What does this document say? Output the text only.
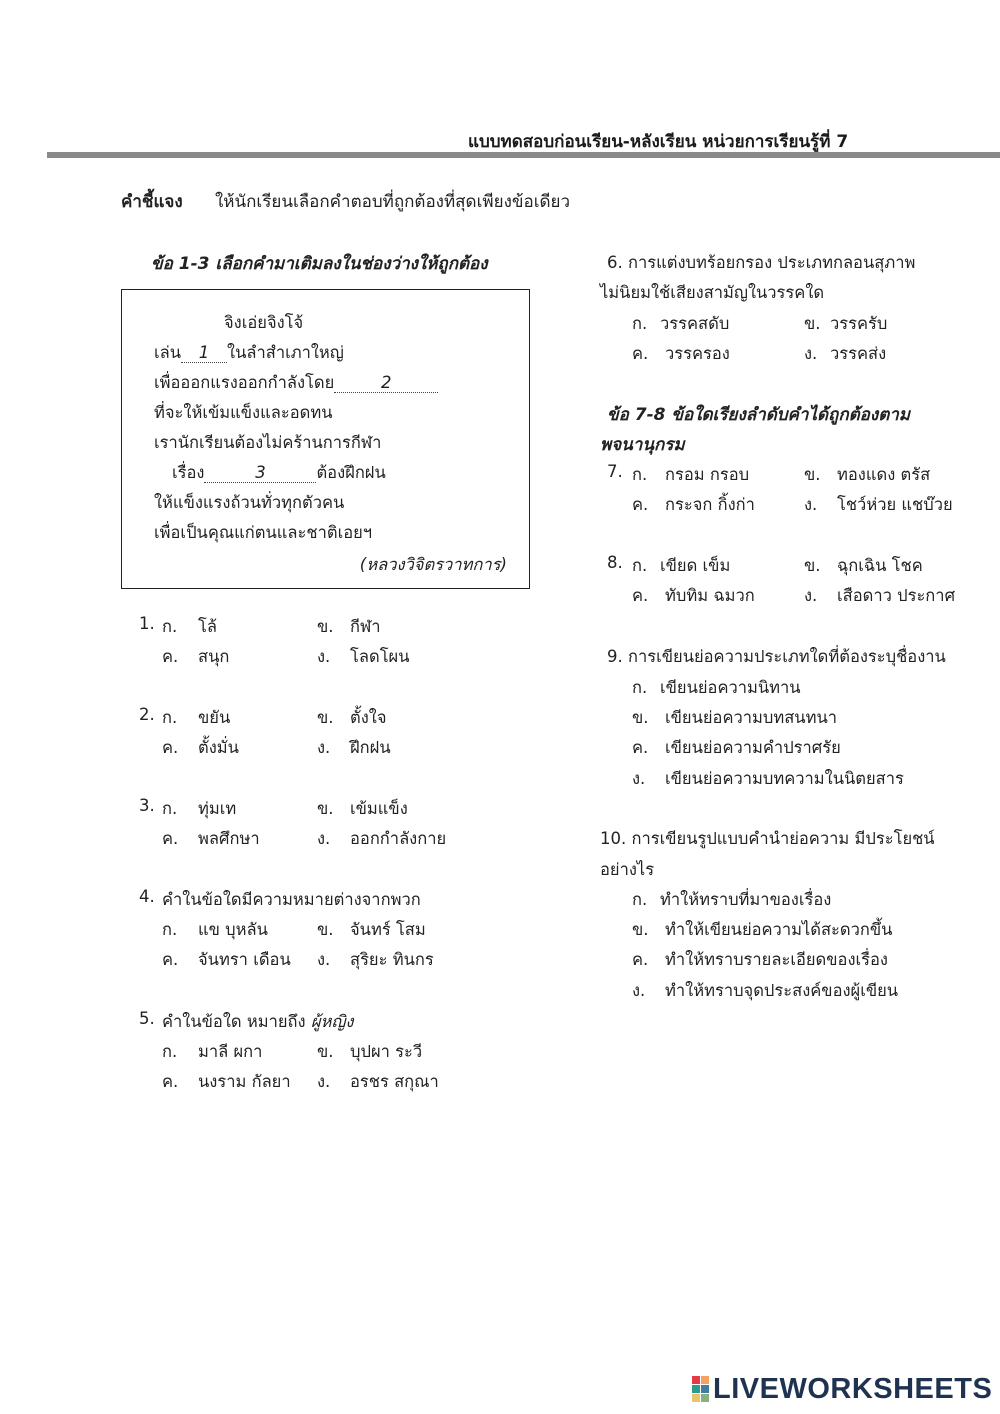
แบบทดสอบก่อนเรียน-หลังเรียน หน่วยการเรียนรู้ที่ 7
คำชี้แจง ให้นักเรียนเลือกคำตอบที่ถูกต้องที่สุดเพียงข้อเดียว
ข้อ 1-3 เลือกคำมาเติมลงในช่องว่างให้ถูกต้อง
จิงเอ่ยจิงโจ้
เล่น 1 ในลำสำเภาใหญ่
เพื่อออกแรงออกกำลังโดย	2
ที่จะให้เข้มแข็งและอดทน
เรานักเรียนต้องไม่คร้านการกีฬา
เรื่อง	3	ต้องฝึกฝน
ให้แข็งแรงถ้วนทั่วทุกตัวคน
เพื่อเป็นคุณแก่ตนและชาติเอยฯ
(หลวงวิจิตรวาทการ)
1. ก. โล้	ข. กีฬา
ค. สนุก	ง. โลดโผน
2. ก. ขยัน	ข. ตั้งใจ
ค. ตั้งมั่น	ง. ฝึกฝน
3. ก. ทุ่มเท	ข. เข้มแข็ง
ค. พลศึกษา	ง. ออกกำลังกาย
4. คำในข้อใดมีความหมายต่างจากพวก
ก. แข บุหลัน	ข. จันทร์ โสม
ค. จันทรา เดือน ง. สุริยะ ทินกร
5. คำในข้อใด หมายถึง ผู้หญิง
ก. มาลี ผกา	ข. บุปผา ระวี
ค. นงราม กัลยา ง. อรชร สกุณา
6. การแต่งบทร้อยกรอง ประเภทกลอนสุภาพ
ไม่นิยมใช้เสียงสามัญในวรรคใด
ก. วรรคสดับ	ข. วรรครับ
ค. วรรครอง	ง. วรรคส่ง
ข้อ 7-8 ข้อใดเรียงลำดับคำได้ถูกต้องตาม
พจนานุกรม
7. ก. กรอม กรอบ	ข. ทองแดง ตรัส
ค. กระจก กิ้งก่า	ง. โชว์ห่วย แชบ๊วย
8. ก. เขียด เข็ม	ข. ฉุกเฉิน โชค
ค. ทับทิม ฉมวก	ง. เสือดาว ประกาศ
9. การเขียนย่อความประเภทใดที่ต้องระบุชื่องาน
ก. เขียนย่อความนิทาน
ข. เขียนย่อความบทสนทนา
ค. เขียนย่อความคำปราศรัย
ง. เขียนย่อความบทความในนิตยสาร
10. การเขียนรูปแบบคำนำย่อความ มีประโยชน์
อย่างไร
ก. ทำให้ทราบที่มาของเรื่อง
ข. ทำให้เขียนย่อความได้สะดวกขึ้น
ค. ทำให้ทราบรายละเอียดของเรื่อง
ง. ทำให้ทราบจุดประสงค์ของผู้เขียน
LIVEWORKSHEETS
